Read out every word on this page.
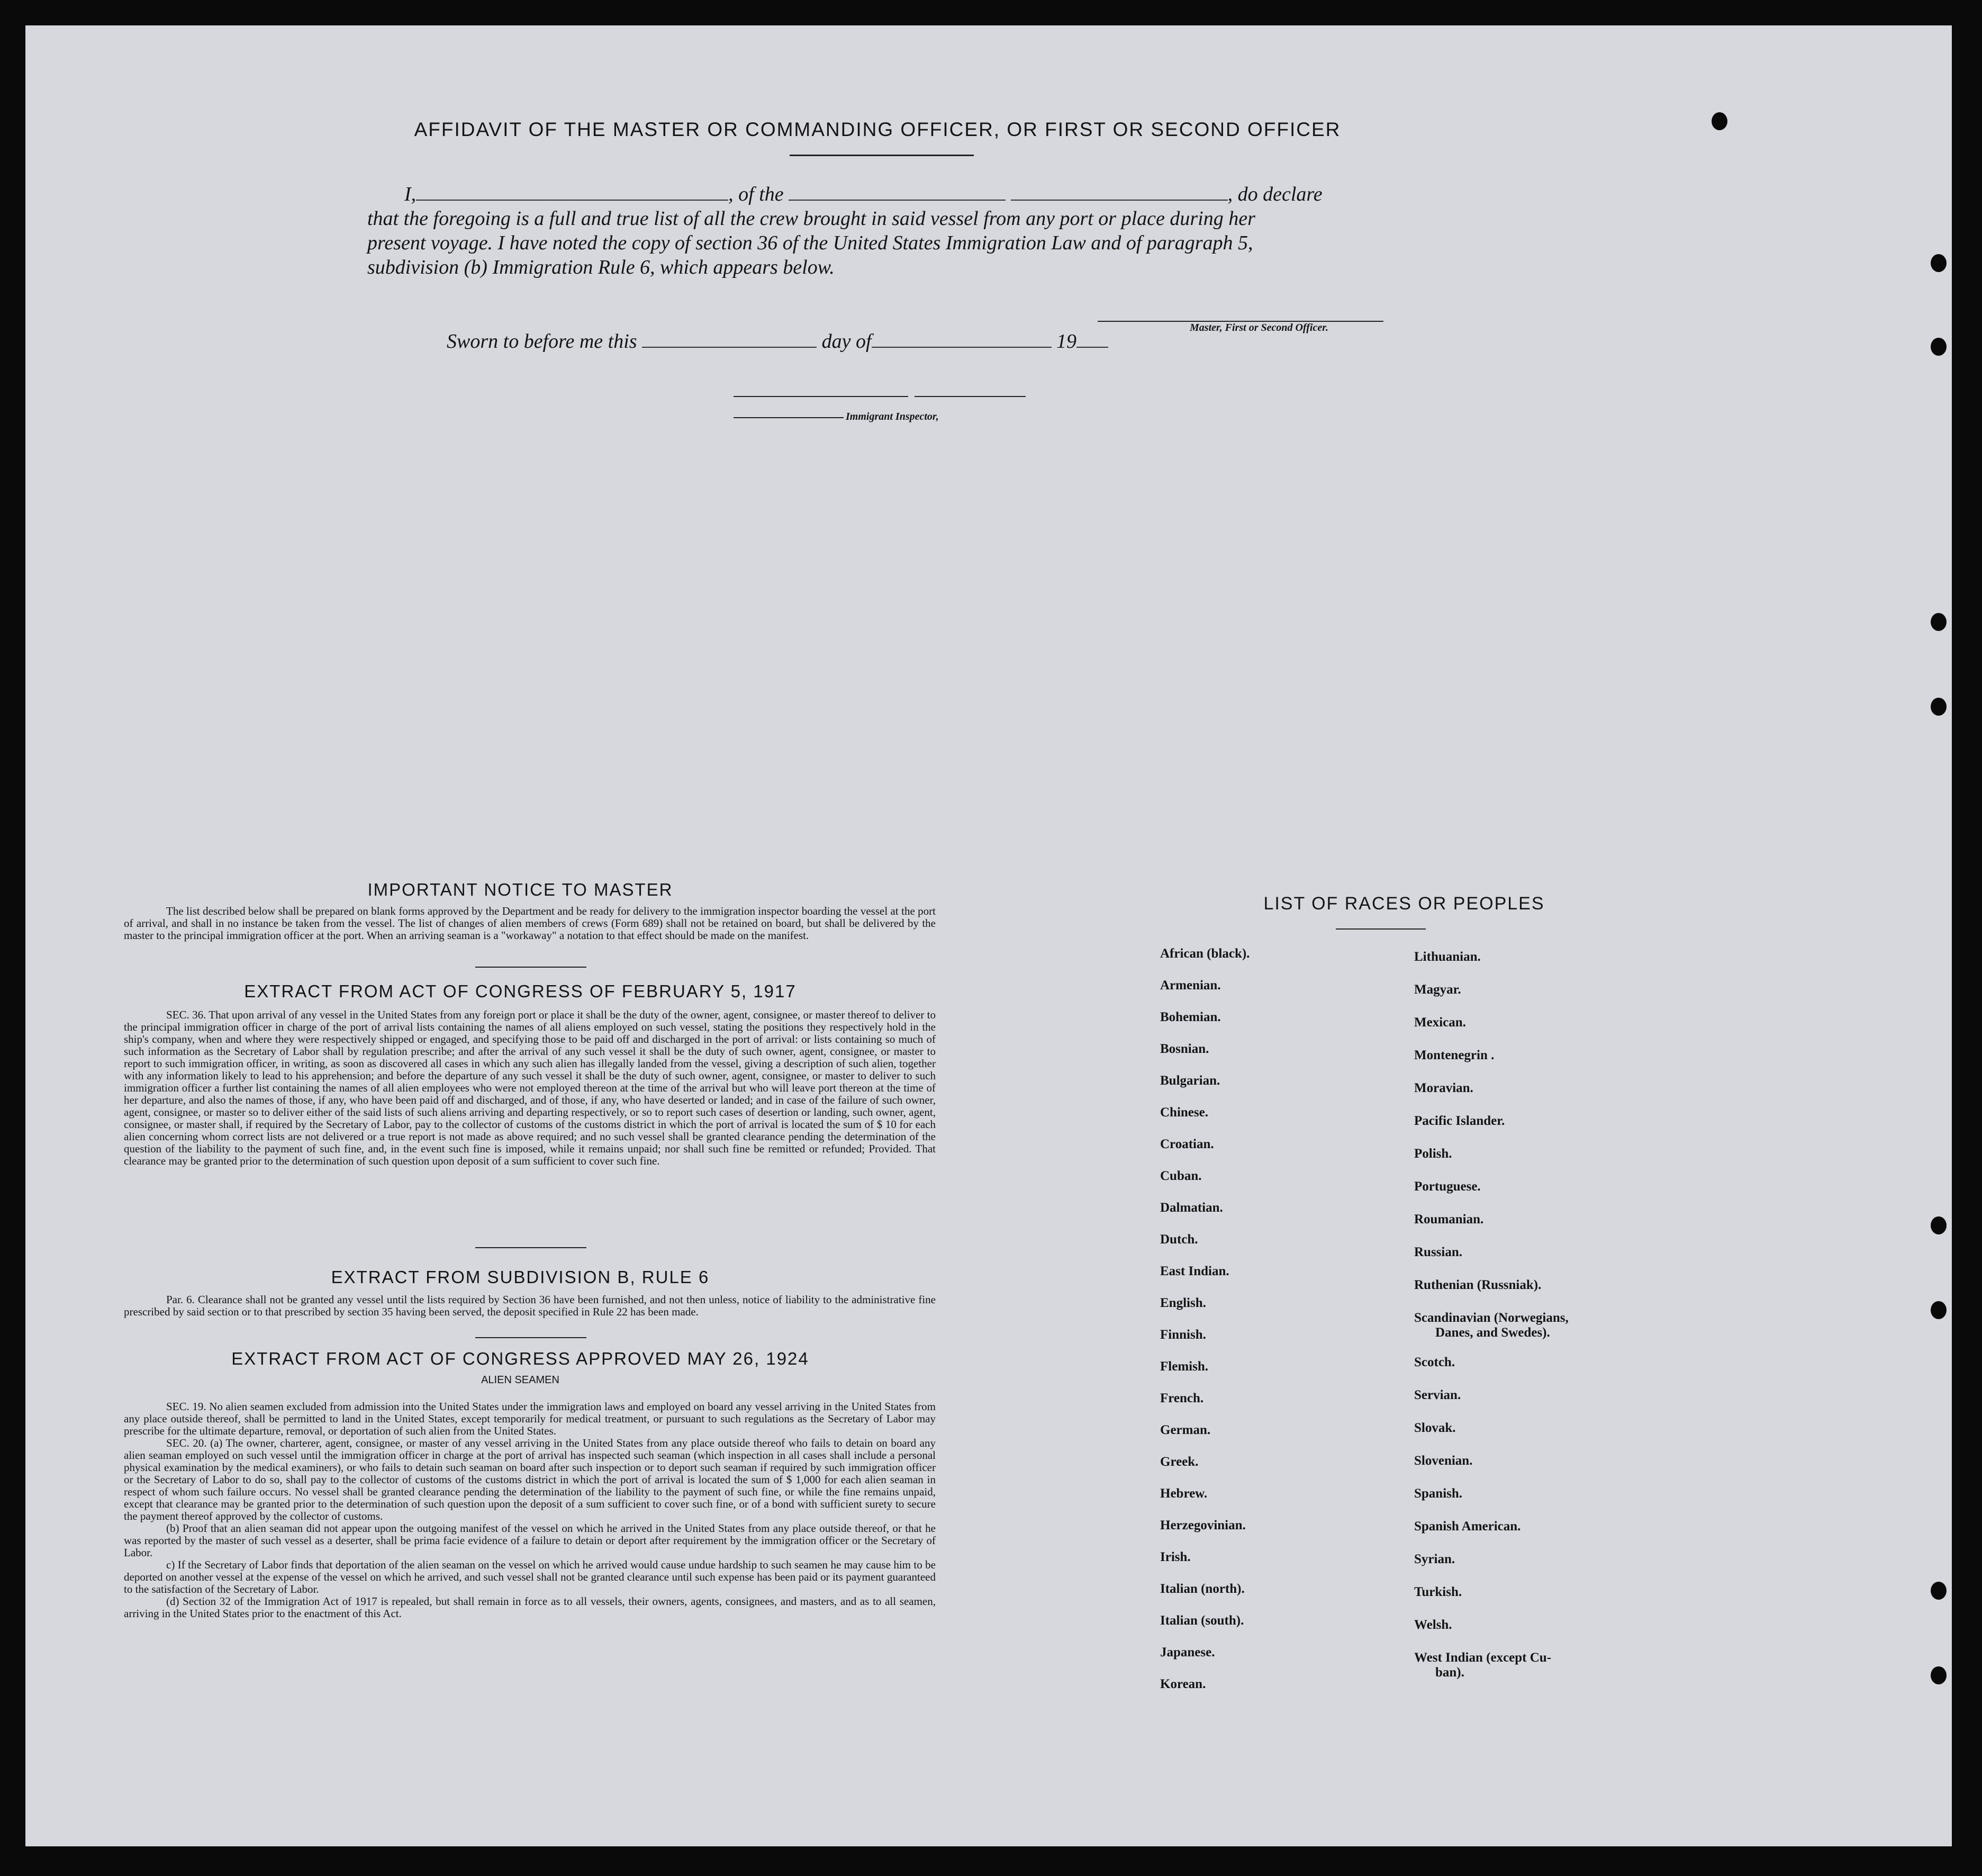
AFFIDAVIT OF THE MASTER OR COMMANDING OFFICER, OR FIRST OR SECOND OFFICER
I,	, of the	, do declare
that the foregoing is a full and true list of all the crew brought in said vessel from any port or place during her
present voyage. I have noted the copy of section 36 of the United States Immigration Law and of paragraph 5,
subdivision (b) Immigration Rule 6, which appears below.
Master, First or Second Officer.
Sworn to before me this	day of	19
Immigrant Inspector,
IMPORTANT NOTICE TO MASTER

The list described below shall be prepared on blank forms approved by the Department and be ready for delivery to the immigration inspector boarding the vessel at the port of arrival, and shall in no instance be taken from the vessel. The list of changes of alien members of crews (Form 689) shall not be retained on board, but shall be delivered by the master to the principal immigration officer at the port. When an arriving seaman is a "workaway" a notation to that effect should be made on the manifest.

EXTRACT FROM ACT OF CONGRESS OF FEBRUARY 5, 1917

SEC. 36. That upon arrival of any vessel in the United States from any foreign port or place it shall be the duty of the owner, agent, consignee, or master thereof to deliver to the principal immigration officer in charge of the port of arrival lists containing the names of all aliens employed on such vessel, stating the positions they respectively hold in the ship's company, when and where they were respectively shipped or engaged, and specifying those to be paid off and discharged in the port of arrival: or lists containing so much of such information as the Secretary of Labor shall by regulation prescribe; and after the arrival of any such vessel it shall be the duty of such owner, agent, consignee, or master to report to such immigration officer, in writing, as soon as discovered all cases in which any such alien has illegally landed from the vessel, giving a description of such alien, together with any information likely to lead to his apprehension; and before the departure of any such vessel it shall be the duty of such owner, agent, consignee, or master to deliver to such immigration officer a further list containing the names of all alien employees who were not employed thereon at the time of the arrival but who will leave port thereon at the time of her departure, and also the names of those, if any, who have been paid off and discharged, and of those, if any, who have deserted or landed; and in case of the failure of such owner, agent, consignee, or master so to deliver either of the said lists of such aliens arriving and departing respectively, or so to report such cases of desertion or landing, such owner, agent, consignee, or master shall, if required by the Secretary of Labor, pay to the collector of customs of the customs district in which the port of arrival is located the sum of $ 10 for each alien concerning whom correct lists are not delivered or a true report is not made as above required; and no such vessel shall be granted clearance pending the determination of the question of the liability to the payment of such fine, and, in the event such fine is imposed, while it remains unpaid; nor shall such fine be remitted or refunded; Provided. That clearance may be granted prior to the determination of such question upon deposit of a sum sufficient to cover such fine.

EXTRACT FROM SUBDIVISION B, RULE 6

Par. 6. Clearance shall not be granted any vessel until the lists required by Section 36 have been furnished, and not then unless, notice of liability to the administrative fine prescribed by said section or to that prescribed by section 35 having been served, the deposit specified in Rule 22 has been made.

EXTRACT FROM ACT OF CONGRESS APPROVED MAY 26, 1924
ALIEN SEAMEN

SEC. 19. No alien seamen excluded from admission into the United States under the immigration laws and employed on board any vessel arriving in the United States from any place outside thereof, shall be permitted to land in the United States, except temporarily for medical treatment, or pursuant to such regulations as the Secretary of Labor may prescribe for the ultimate departure, removal, or deportation of such alien from the United States.

SEC. 20. (a) The owner, charterer, agent, consignee, or master of any vessel arriving in the United States from any place outside thereof who fails to detain on board any alien seaman employed on such vessel until the immigration officer in charge at the port of arrival has inspected such seaman (which inspection in all cases shall include a personal physical examination by the medical examiners), or who fails to detain such seaman on board after such inspection or to deport such seaman if required by such immigration officer or the Secretary of Labor to do so, shall pay to the collector of customs of the customs district in which the port of arrival is located the sum of $ 1,000 for each alien seaman in respect of whom such failure occurs. No vessel shall be granted clearance pending the determination of the liability to the payment of such fine, or while the fine remains unpaid, except that clearance may be granted prior to the determination of such question upon the deposit of a sum sufficient to cover such fine, or of a bond with sufficient surety to secure the payment thereof approved by the collector of customs.

(b) Proof that an alien seaman did not appear upon the outgoing manifest of the vessel on which he arrived in the United States from any place outside thereof, or that he was reported by the master of such vessel as a deserter, shall be prima facie evidence of a failure to detain or deport after requirement by the immigration officer or the Secretary of Labor.

c) If the Secretary of Labor finds that deportation of the alien seaman on the vessel on which he arrived would cause undue hardship to such seamen he may cause him to be deported on another vessel at the expense of the vessel on which he arrived, and such vessel shall not be granted clearance until such expense has been paid or its payment guaranteed to the satisfaction of the Secretary of Labor.

(d) Section 32 of the Immigration Act of 1917 is repealed, but shall remain in force as to all vessels, their owners, agents, consignees, and masters, and as to all seamen, arriving in the United States prior to the enactment of this Act.

LIST OF RACES OR PEOPLES
African (black).
Armenian.
Bohemian.
Bosnian.
Bulgarian.
Chinese.
Croatian.
Cuban.
Dalmatian.
Dutch.
East Indian.
English.
Finnish.
Flemish.
French.
German.
Greek.
Hebrew.
Herzegovinian.
Irish.
Italian (north).
Italian (south).
Japanese.
Korean.
Lithuanian.
Magyar.
Mexican.
Montenegrin .
Moravian.
Pacific Islander.
Polish.
Portuguese.
Roumanian.
Russian.
Ruthenian (Russniak).
Scandinavian (Norwegians,
Danes, and Swedes).
Scotch.
Servian.
Slovak.
Slovenian.
Spanish.
Spanish American.
Syrian.
Turkish.
Welsh.
West Indian (except Cu-
ban).
